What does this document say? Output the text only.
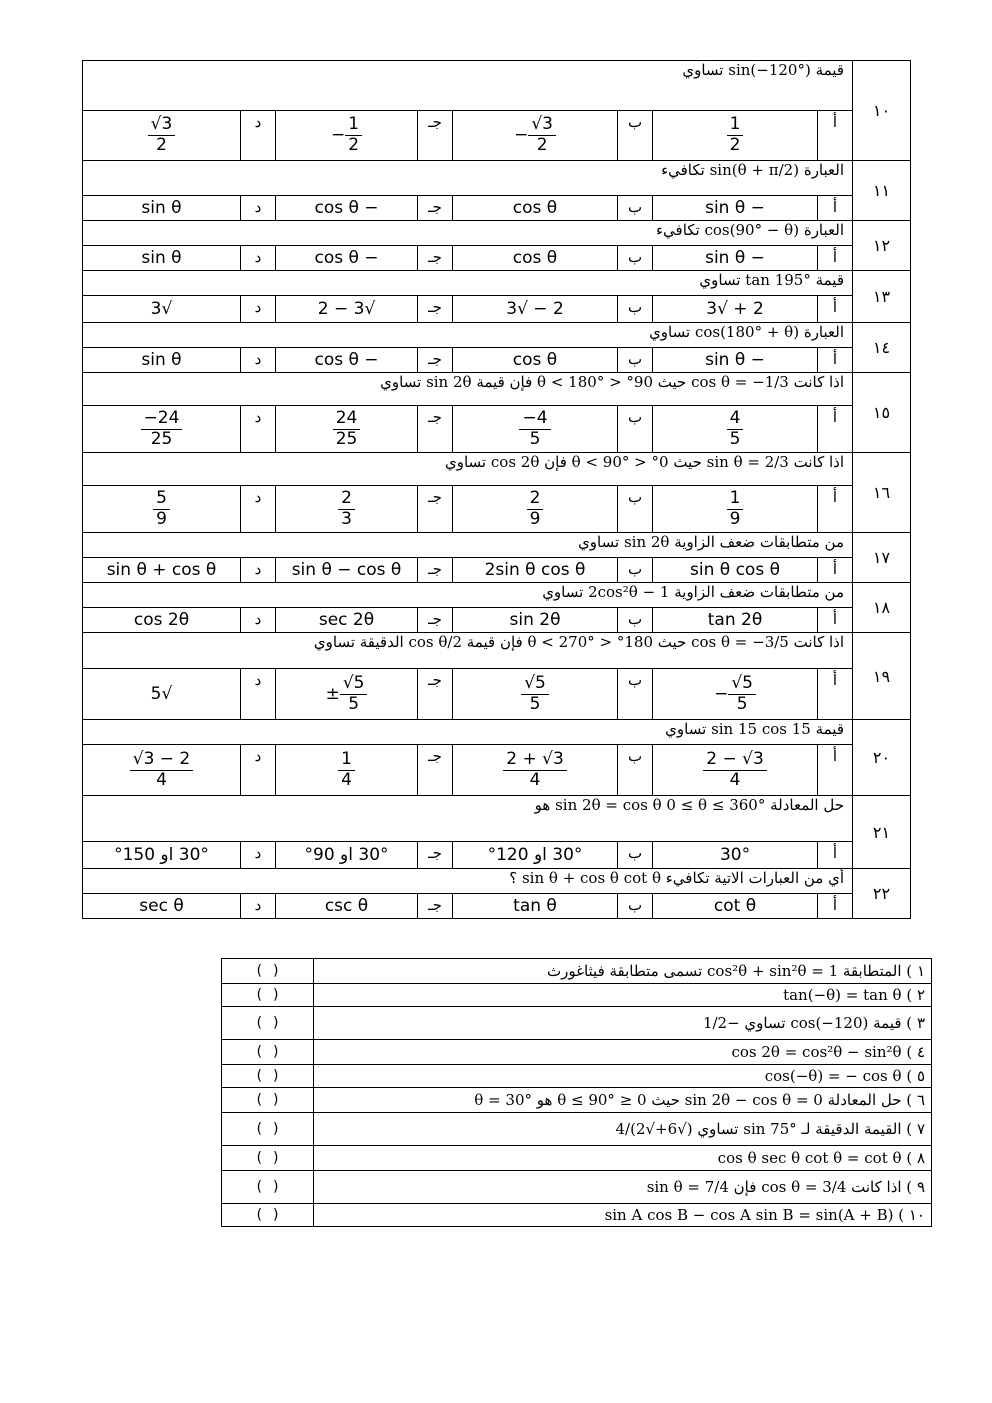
١٠	قيمة sin(−120°) تساوي							
	أ	$\frac{1}{2}$	ب	− $\frac{√3}{2}$	جـ	− $\frac{1}{2}$	د	$\frac{√3}{2}$

١١	العبارة sin(θ + π/2) تكافيء							
	أ	− sin θ	ب	cos θ	جـ	− cos θ	د	sin θ
١٢	العبارة cos(90° − θ) تكافيء							
	أ	− sin θ	ب	cos θ	جـ	− cos θ	د	sin θ
١٣	قيمة tan 195° تساوي							
	أ	2 + √3	ب	2 − √3	جـ	√3 − 2	د	√3
١٤	العبارة cos(180° + θ) تساوي							
	أ	− sin θ	ب	cos θ	جـ	− cos θ	د	sin θ
١٥	اذا كانت cos θ = −1/3 حيث 90° < θ < 180° فإن قيمة sin 2θ تساوي							
	أ	$\frac{4}{5}$	ب	$\frac{-4}{5}$	جـ	$\frac{24}{25}$	د	$\frac{-24}{25}$

١٦	اذا كانت sin θ = 2/3 حيث 0° < θ < 90° فإن cos 2θ تساوي							
	أ	$\frac{1}{9}$	ب	$\frac{2}{9}$	جـ	$\frac{2}{3}$	د	$\frac{5}{9}$

١٧	من متطابقات ضعف الزاوية sin 2θ تساوي							
	أ	sin θ cos θ	ب	2sin θ cos θ	جـ	sin θ − cos θ	د	sin θ + cos θ
١٨	من متطابقات ضعف الزاوية 2cos²θ − 1 تساوي							
	أ	tan 2θ	ب	sin 2θ	جـ	sec 2θ	د	cos 2θ
١٩	اذا كانت cos θ = −3/5 حيث 180° < θ < 270° فإن قيمة cos θ/2 الدقيقة تساوي							
	أ	− $\frac{√5}{5}$	ب	$\frac{√5}{5}$	جـ	± $\frac{√5}{5}$	د	√5
٢٠	قيمة sin 15 cos 15 تساوي							
	أ	$\frac{2 - √3}{4}$	ب	$\frac{2 + √3}{4}$	جـ	$\frac{1}{4}$	د	$\frac{√3 - 2}{4}$

٢١	حل المعادلة sin 2θ = cos θ 0 ≤ θ ≤ 360° هو							
	أ	30°	ب	30° او 120°	جـ	30° او 90°	د	30° او 150°
٢٢	أي من العبارات الاتية تكافيء sin θ + cos θ cot θ ؟							
	أ	cot θ	ب	tan θ	جـ	csc θ	د	sec θ
١ ) المتطابقة cos²θ + sin²θ = 1 تسمى متطابقة فيثاغورث	( )
٢ ) tan(−θ) = tan θ	( )
٣ ) قيمة cos(−120) تساوي −1/2	( )
٤ ) cos 2θ = cos²θ − sin²θ	( )
٥ ) cos(−θ) = − cos θ	( )
٦ ) حل المعادلة sin 2θ − cos θ = 0 حيث 0 ≤ θ ≤ 90° هو θ = 30°	( )
٧ ) القيمة الدقيقة لـ sin 75° تساوي (√6+√2)/4	( )
٨ ) cos θ sec θ cot θ = cot θ	( )
٩ ) اذا كانت cos θ = 3/4 فإن sin θ = 7/4	( )
١٠ ) sin A cos B − cos A sin B = sin(A + B)	( )
